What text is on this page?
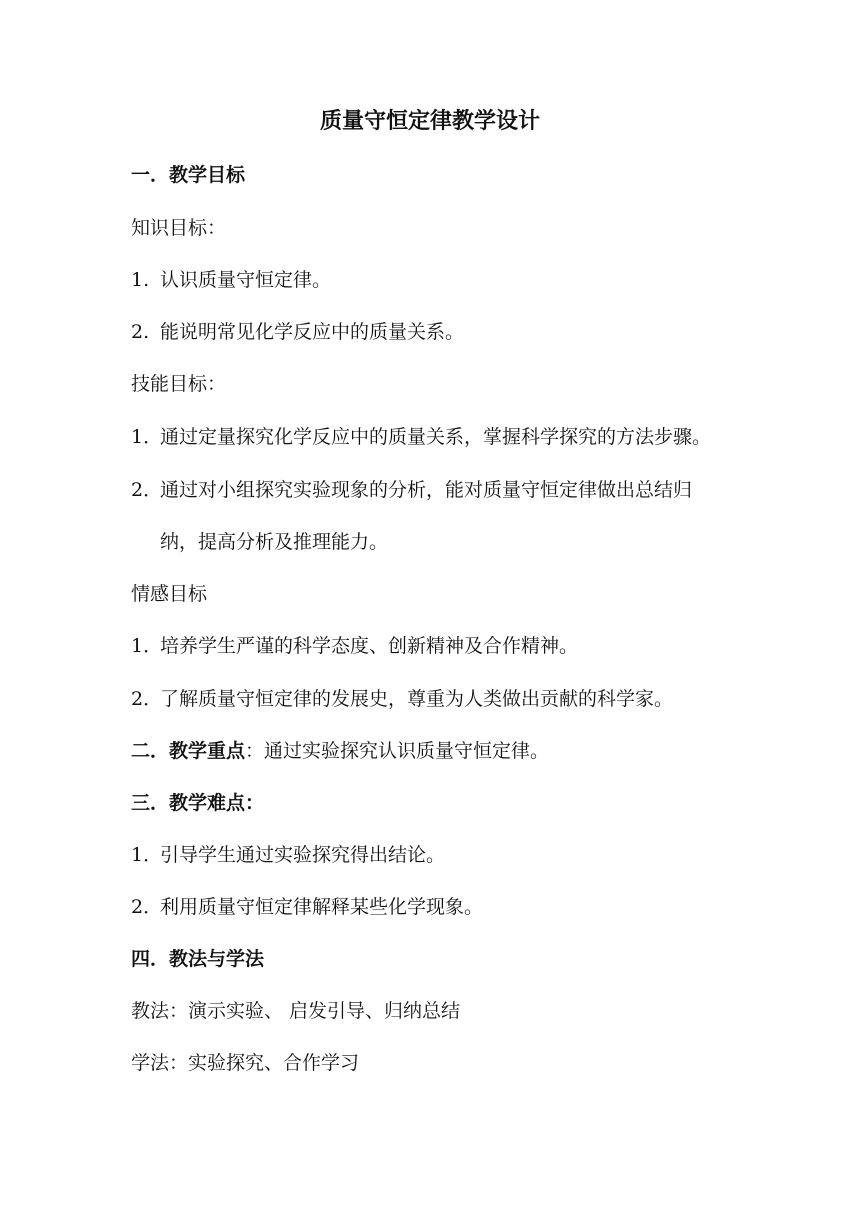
质量守恒定律教学设计
一．教学目标
知识目标：
1. 认识质量守恒定律。
2. 能说明常见化学反应中的质量关系。
技能目标：
1．通过定量探究化学反应中的质量关系，掌握科学探究的方法步骤。
2．通过对小组探究实验现象的分析，能对质量守恒定律做出总结归
纳，提高分析及推理能力。
情感目标
1．培养学生严谨的科学态度、创新精神及合作精神。
2．了解质量守恒定律的发展史，尊重为人类做出贡献的科学家。
二．教学重点：通过实验探究认识质量守恒定律。
三．教学难点：
1．引导学生通过实验探究得出结论。
2．利用质量守恒定律解释某些化学现象。
四．教法与学法
教法：演示实验、 启发引导、归纳总结
学法：实验探究、合作学习
